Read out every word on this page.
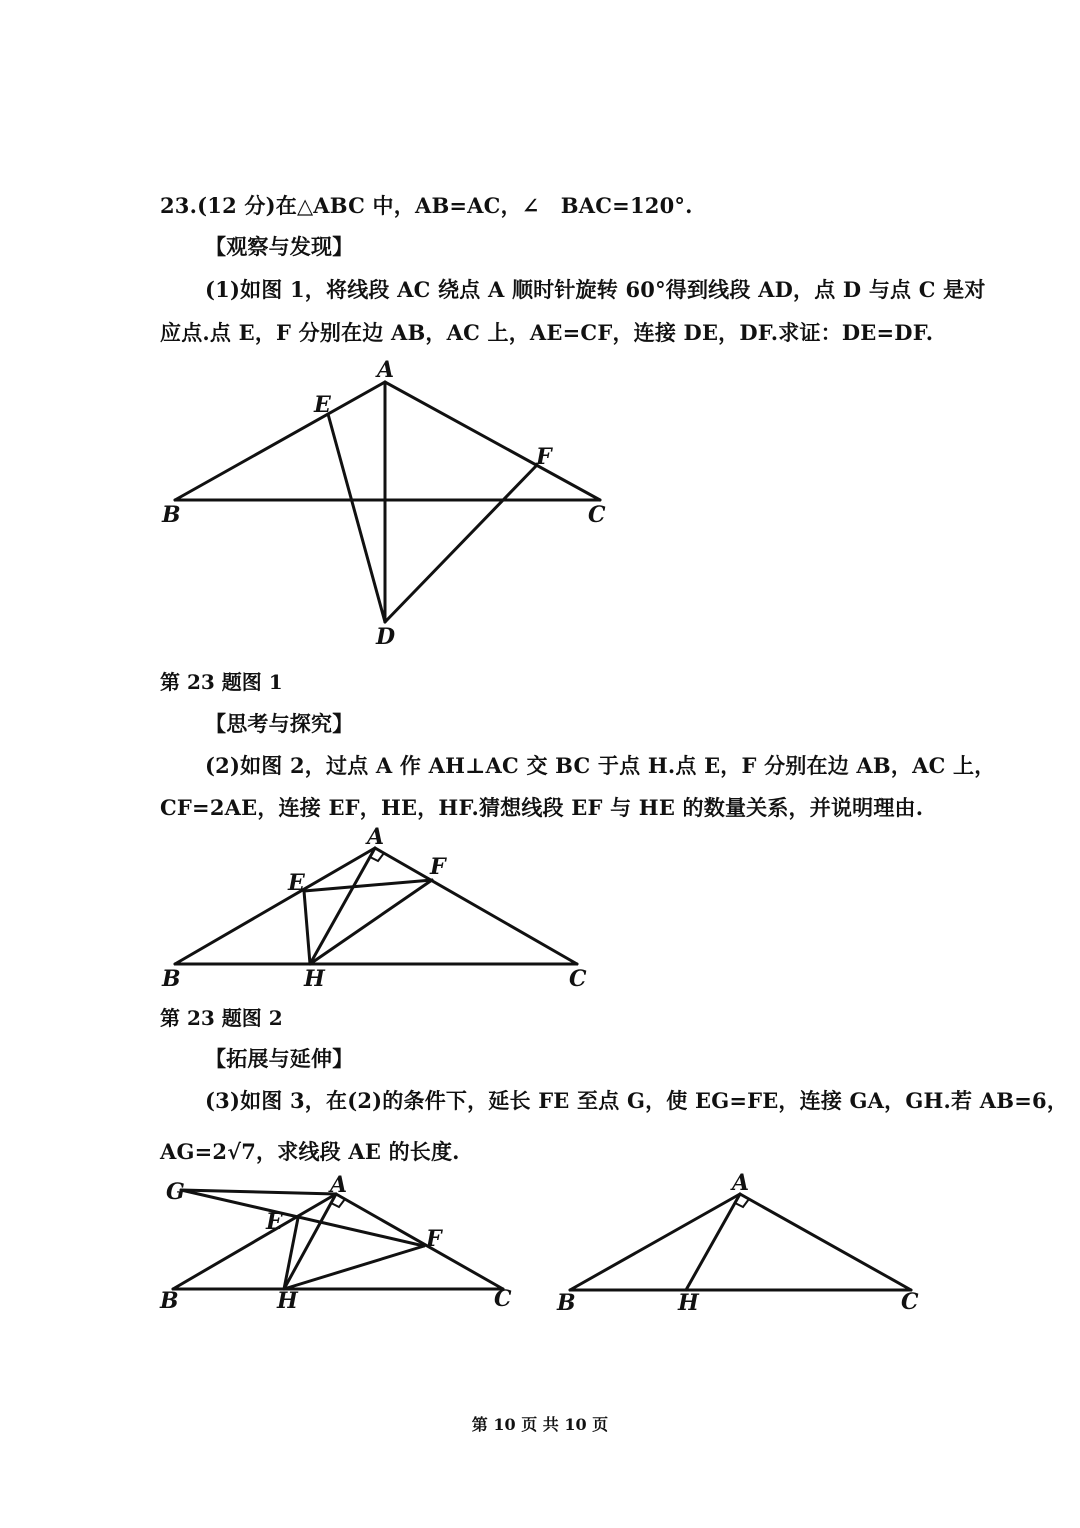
23.(12 分)在△ABC 中，AB=AC，∠　BAC=120°.
【观察与发现】
(1)如图 1，将线段 AC 绕点 A 顺时针旋转 60°得到线段 AD，点 D 与点 C 是对
应点.点 E，F 分别在边 AB，AC 上，AE=CF，连接 DE，DF.求证：DE=DF.
第 23 题图 1
【思考与探究】
(2)如图 2，过点 A 作 AH⊥AC 交 BC 于点 H.点 E，F 分别在边 AB，AC 上，
CF=2AE，连接 EF，HE，HF.猜想线段 EF 与 HE 的数量关系，并说明理由.
第 23 题图 2
【拓展与延伸】
(3)如图 3，在(2)的条件下，延长 FE 至点 G，使 EG=FE，连接 GA，GH.若 AB=6，
AG=2√7，求线段 AE 的长度.
A
E
F
B	C
D
A
E
F
B	H	C
G	A
E
F
B	H	C
A
B	H	C
第 10 页 共 10 页
